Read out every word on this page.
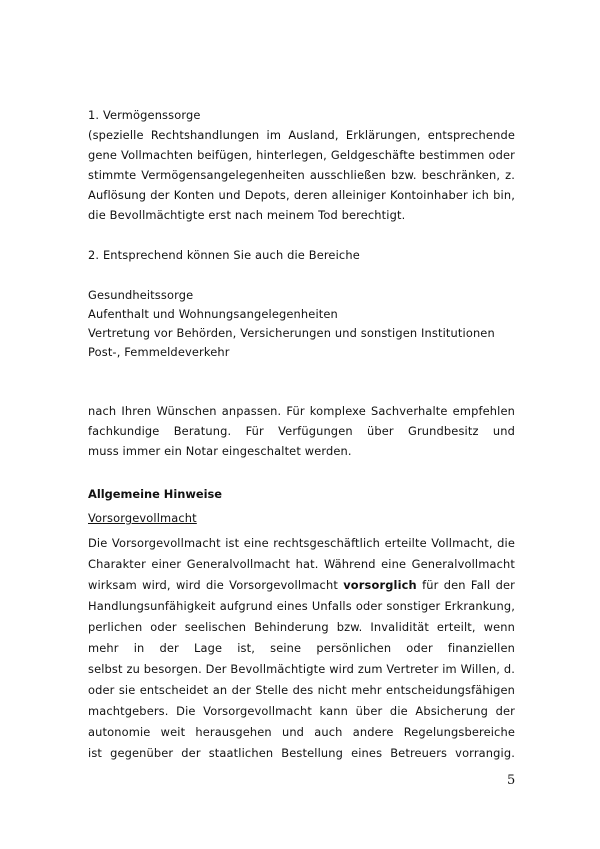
1. Vermögenssorge
(spezielle Rechtshandlungen im Ausland, Erklärungen, entsprechende
gene Vollmachten beifügen, hinterlegen, Geldgeschäfte bestimmen oder
stimmte Vermögensangelegenheiten ausschließen bzw. beschränken, z.
Auflösung der Konten und Depots, deren alleiniger Kontoinhaber ich bin,
die Bevollmächtigte erst nach meinem Tod berechtigt.
2. Entsprechend können Sie auch die Bereiche
Gesundheitssorge
Aufenthalt und Wohnungsangelegenheiten
Vertretung vor Behörden, Versicherungen und sonstigen Institutionen
Post-, Femmeldeverkehr
nach Ihren Wünschen anpassen. Für komplexe Sachverhalte empfehlen
fachkundige Beratung. Für Verfügungen über Grundbesitz und
muss immer ein Notar eingeschaltet werden.
Allgemeine Hinweise
Vorsorgevollmacht
Die Vorsorgevollmacht ist eine rechtsgeschäftlich erteilte Vollmacht, die
Charakter einer Generalvollmacht hat. Während eine Generalvollmacht
wirksam wird, wird die Vorsorgevollmacht vorsorglich für den Fall der
Handlungsunfähigkeit aufgrund eines Unfalls oder sonstiger Erkrankung,
perlichen oder seelischen Behinderung bzw. Invalidität erteilt, wenn
mehr in der Lage ist, seine persönlichen oder finanziellen
selbst zu besorgen. Der Bevollmächtigte wird zum Vertreter im Willen, d.
oder sie entscheidet an der Stelle des nicht mehr entscheidungsfähigen
machtgebers. Die Vorsorgevollmacht kann über die Absicherung der
autonomie weit herausgehen und auch andere Regelungsbereiche
ist gegenüber der staatlichen Bestellung eines Betreuers vorrangig.
5
